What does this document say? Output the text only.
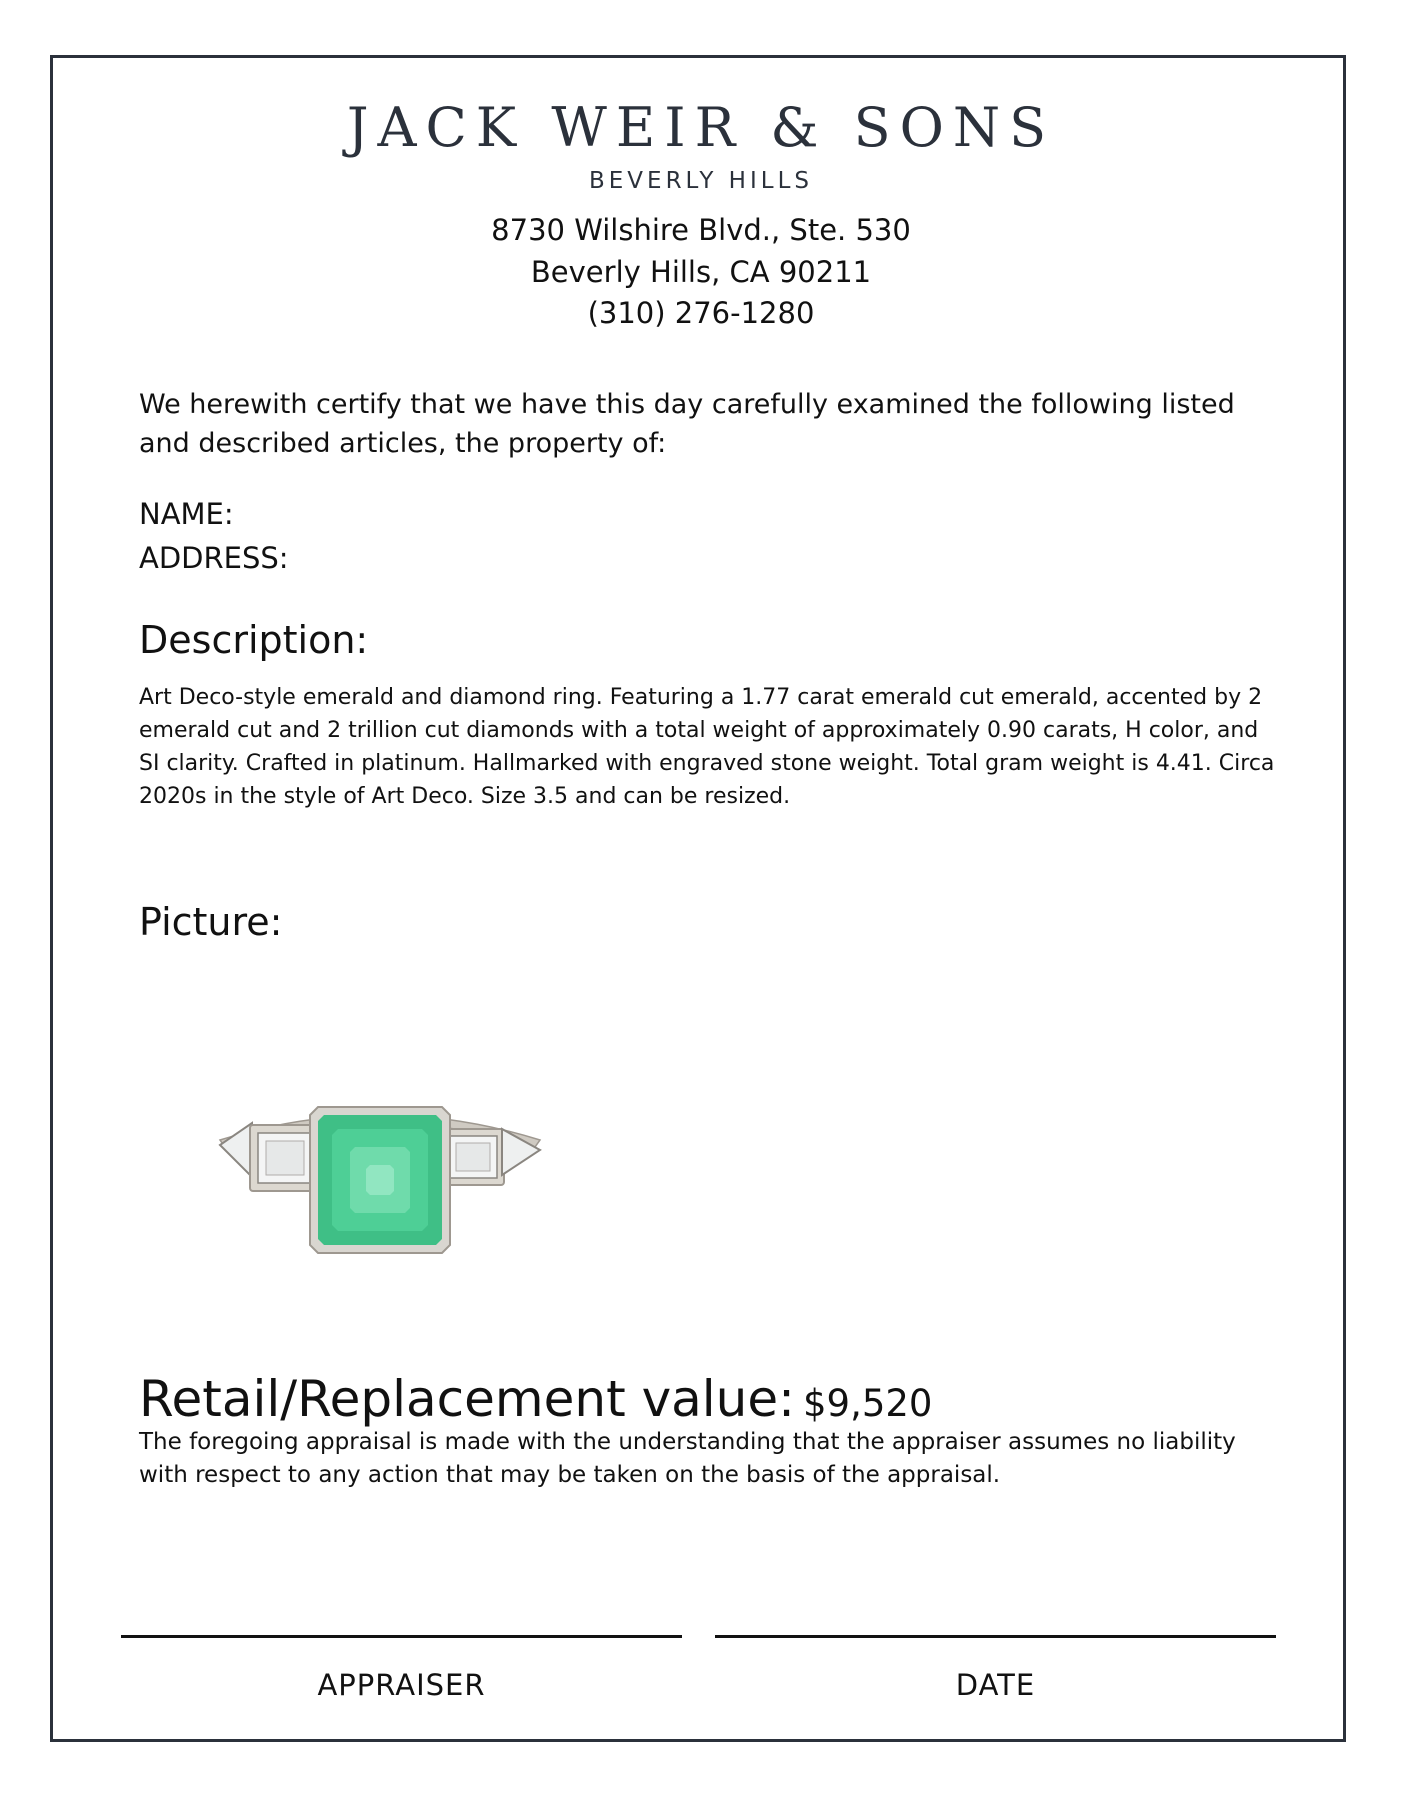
JACK WEIR & SONS
BEVERLY HILLS
8730 Wilshire Blvd., Ste. 530
Beverly Hills, CA 90211
(310) 276-1280
We herewith certify that we have this day carefully examined the following listed and described articles, the property of:
NAME:
ADDRESS:
Description:
Art Deco-style emerald and diamond ring. Featuring a 1.77 carat emerald cut emerald, accented by 2 emerald cut and 2 trillion cut diamonds with a total weight of approximately 0.90 carats, H color, and SI clarity. Crafted in platinum. Hallmarked with engraved stone weight. Total gram weight is 4.41. Circa 2020s in the style of Art Deco. Size 3.5 and can be resized.
Picture:
Retail/Replacement value: $9,520
The foregoing appraisal is made with the understanding that the appraiser assumes no liability with respect to any action that may be taken on the basis of the appraisal.
APPRAISER	DATE
